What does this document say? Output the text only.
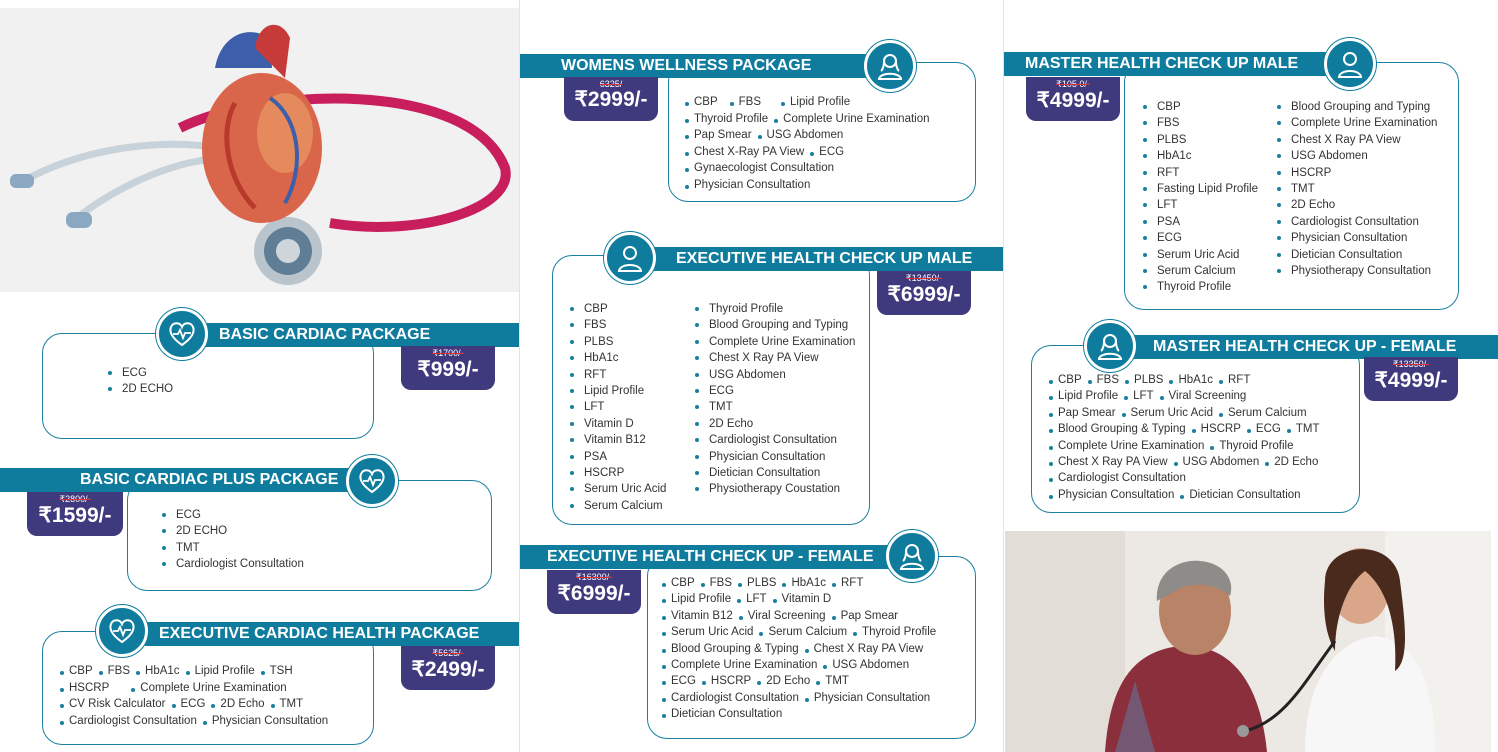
BASIC CARDIAC PACKAGE
₹1700/-
₹999/-
ECG
2D ECHO
BASIC CARDIAC PLUS PACKAGE
₹2800/-
₹1599/-	ECG
2D ECHO
TMT
Cardiologist Consultation
EXECUTIVE CARDIAC HEALTH PACKAGE
₹5625/-
₹2499/-
CBP FBS HbA1c Lipid Profile TSH
HSCRP	Complete Urine Examination
CV Risk Calculator ECG 2D Echo TMT
Cardiologist Consultation Physician Consultation
WOMENS WELLNESS PACKAGE
6325/
₹2999/-	CBP FBS	Lipid Profile
Thyroid Profile Complete Urine Examination
Pap Smear USG Abdomen
Chest X-Ray PA View ECG
Gynaecologist Consultation
Physician Consultation
EXECUTIVE HEALTH CHECK UP MALE
₹13450/-
₹6999/-
CBP
FBS
PLBS
HbA1c
RFT
Lipid Profile
LFT
Vitamin D
Vitamin B12
PSA
HSCRP
Serum Uric Acid
Serum Calcium
Thyroid Profile
Blood Grouping and Typing
Complete Urine Examination
Chest X Ray PA View
USG Abdomen
ECG
TMT
2D Echo
Cardiologist Consultation
Physician Consultation
Dietician Consultation
Physiotherapy Coustation
EXECUTIVE HEALTH CHECK UP - FEMALE
₹16300/-
₹6999/-	CBP FBS PLBS HbA1c RFT
Lipid Profile LFT Vitamin D
Vitamin B12 Viral Screening Pap Smear
Serum Uric Acid Serum Calcium Thyroid Profile
Blood Grouping & Typing Chest X Ray PA View
Complete Urine Examination USG Abdomen
ECG HSCRP 2D Echo TMT
Cardiologist Consultation Physician Consultation
Dietician Consultation
MASTER HEALTH CHECK UP MALE
₹105 0/-
₹4999/-	CBP
FBS
PLBS
HbA1c
RFT
Fasting Lipid Profile
LFT
PSA
ECG
Serum Uric Acid
Serum Calcium
Thyroid Profile
Blood Grouping and Typing
Complete Urine Examination
Chest X Ray PA View
USG Abdomen
HSCRP
TMT
2D Echo
Cardiologist Consultation
Physician Consultation
Dietician Consultation
Physiotherapy Consultation
MASTER HEALTH CHECK UP - FEMALE
₹13350/-
₹4999/-
CBP FBS PLBS HbA1c RFT
Lipid Profile LFT Viral Screening
Pap Smear Serum Uric Acid Serum Calcium
Blood Grouping & Typing HSCRP ECG TMT
Complete Urine Examination Thyroid Profile
Chest X Ray PA View USG Abdomen 2D Echo
Cardiologist Consultation
Physician Consultation Dietician Consultation
